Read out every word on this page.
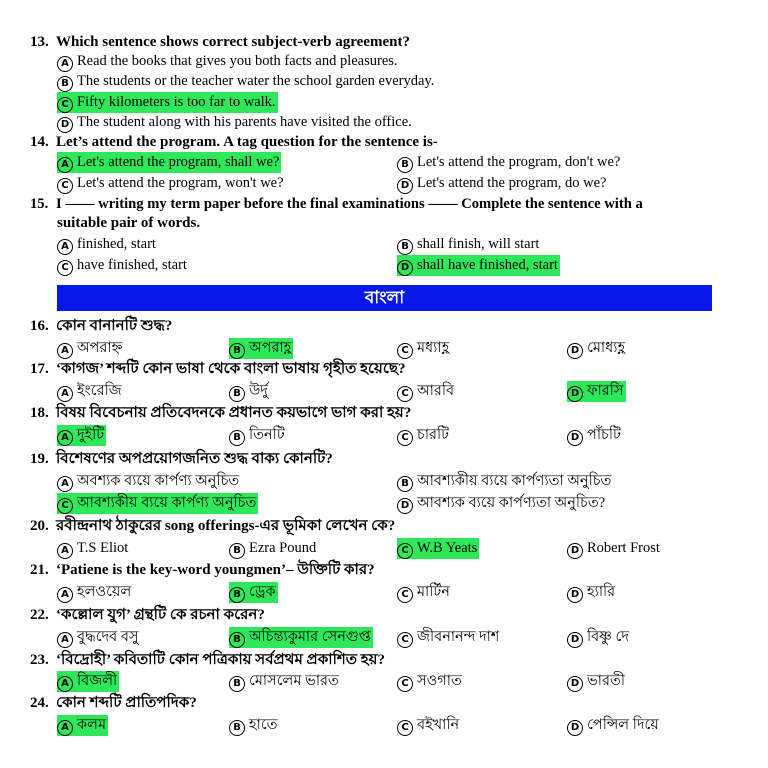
13. Which sentence shows correct subject-verb agreement?
A Read the books that gives you both facts and pleasures.
B The students or the teacher water the school garden everyday.
C Fifty kilometers is too far to walk.
D The student along with his parents have visited the office.
14. Let’s attend the program. A tag question for the sentence is-
A Let's attend the program, shall we?	B Let's attend the program, don't we?
C Let's attend the program, won't we?	D Let's attend the program, do we?
15. I —— writing my term paper before the final examinations —— Complete the sentence with a
suitable pair of words.
A finished, start	B shall finish, will start
C have finished, start	D shall have finished, start
বাংলা
16. কোন বানানটি শুদ্ধ?
A অপরাহ্ন	B অপরাহ্ণ	C মধ্যাহ্ণ	D মোধ্যহ্ণ
17. ‘কাগজ’ শব্দটি কোন ভাষা থেকে বাংলা ভাষায় গৃহীত হয়েছে?
A ইংরেজি	B উর্দু	C আরবি	D ফারসি
18. বিষয় বিবেচনায় প্রতিবেদনকে প্রধানত কয়ভাগে ভাগ করা হয়?
A দুইটি	B তিনটি	C চারটি	D পাঁচটি
19. বিশেষণের অপপ্রয়োগজনিত শুদ্ধ বাক্য কোনটি?
A অবশ্যক ব্যয়ে কার্পণ্য অনুচিত	B আবশ্যকীয় ব্যয়ে কার্পণ্যতা অনুচিত
C আবশ্যকীয় ব্যয়ে কার্পণ্য অনুচিত	D আবশ্যক ব্যয়ে কার্পণ্যতা অনুচিত?
20. রবীন্দ্রনাথ ঠাকুরের song offerings-এর ভূমিকা লেখেন কে?
A T.S Eliot	B Ezra Pound	C W.B Yeats	D Robert Frost
21. ‘Patiene is the key-word youngmen’– উক্তিটি কার?
A হলওয়েল	B ড্রেক	C মার্টিন	D হ্যারি
22. ‘কল্লোল যুগ’ গ্রন্থটি কে রচনা করেন?
A বুদ্ধদেব বসু	B অচিন্ত্যকুমার সেনগুপ্ত	C জীবনানন্দ দাশ	D বিষ্ণু দে
23. ‘বিদ্রোহী’ কবিতাটি কোন পত্রিকায় সর্বপ্রথম প্রকাশিত হয়?
A বিজলী	B মোসলেম ভারত	C সওগাত	D ভারতী
24. কোন শব্দটি প্রাতিপদিক?
A কলম	B হাতে	C বইখানি	D পেন্সিল দিয়ে
